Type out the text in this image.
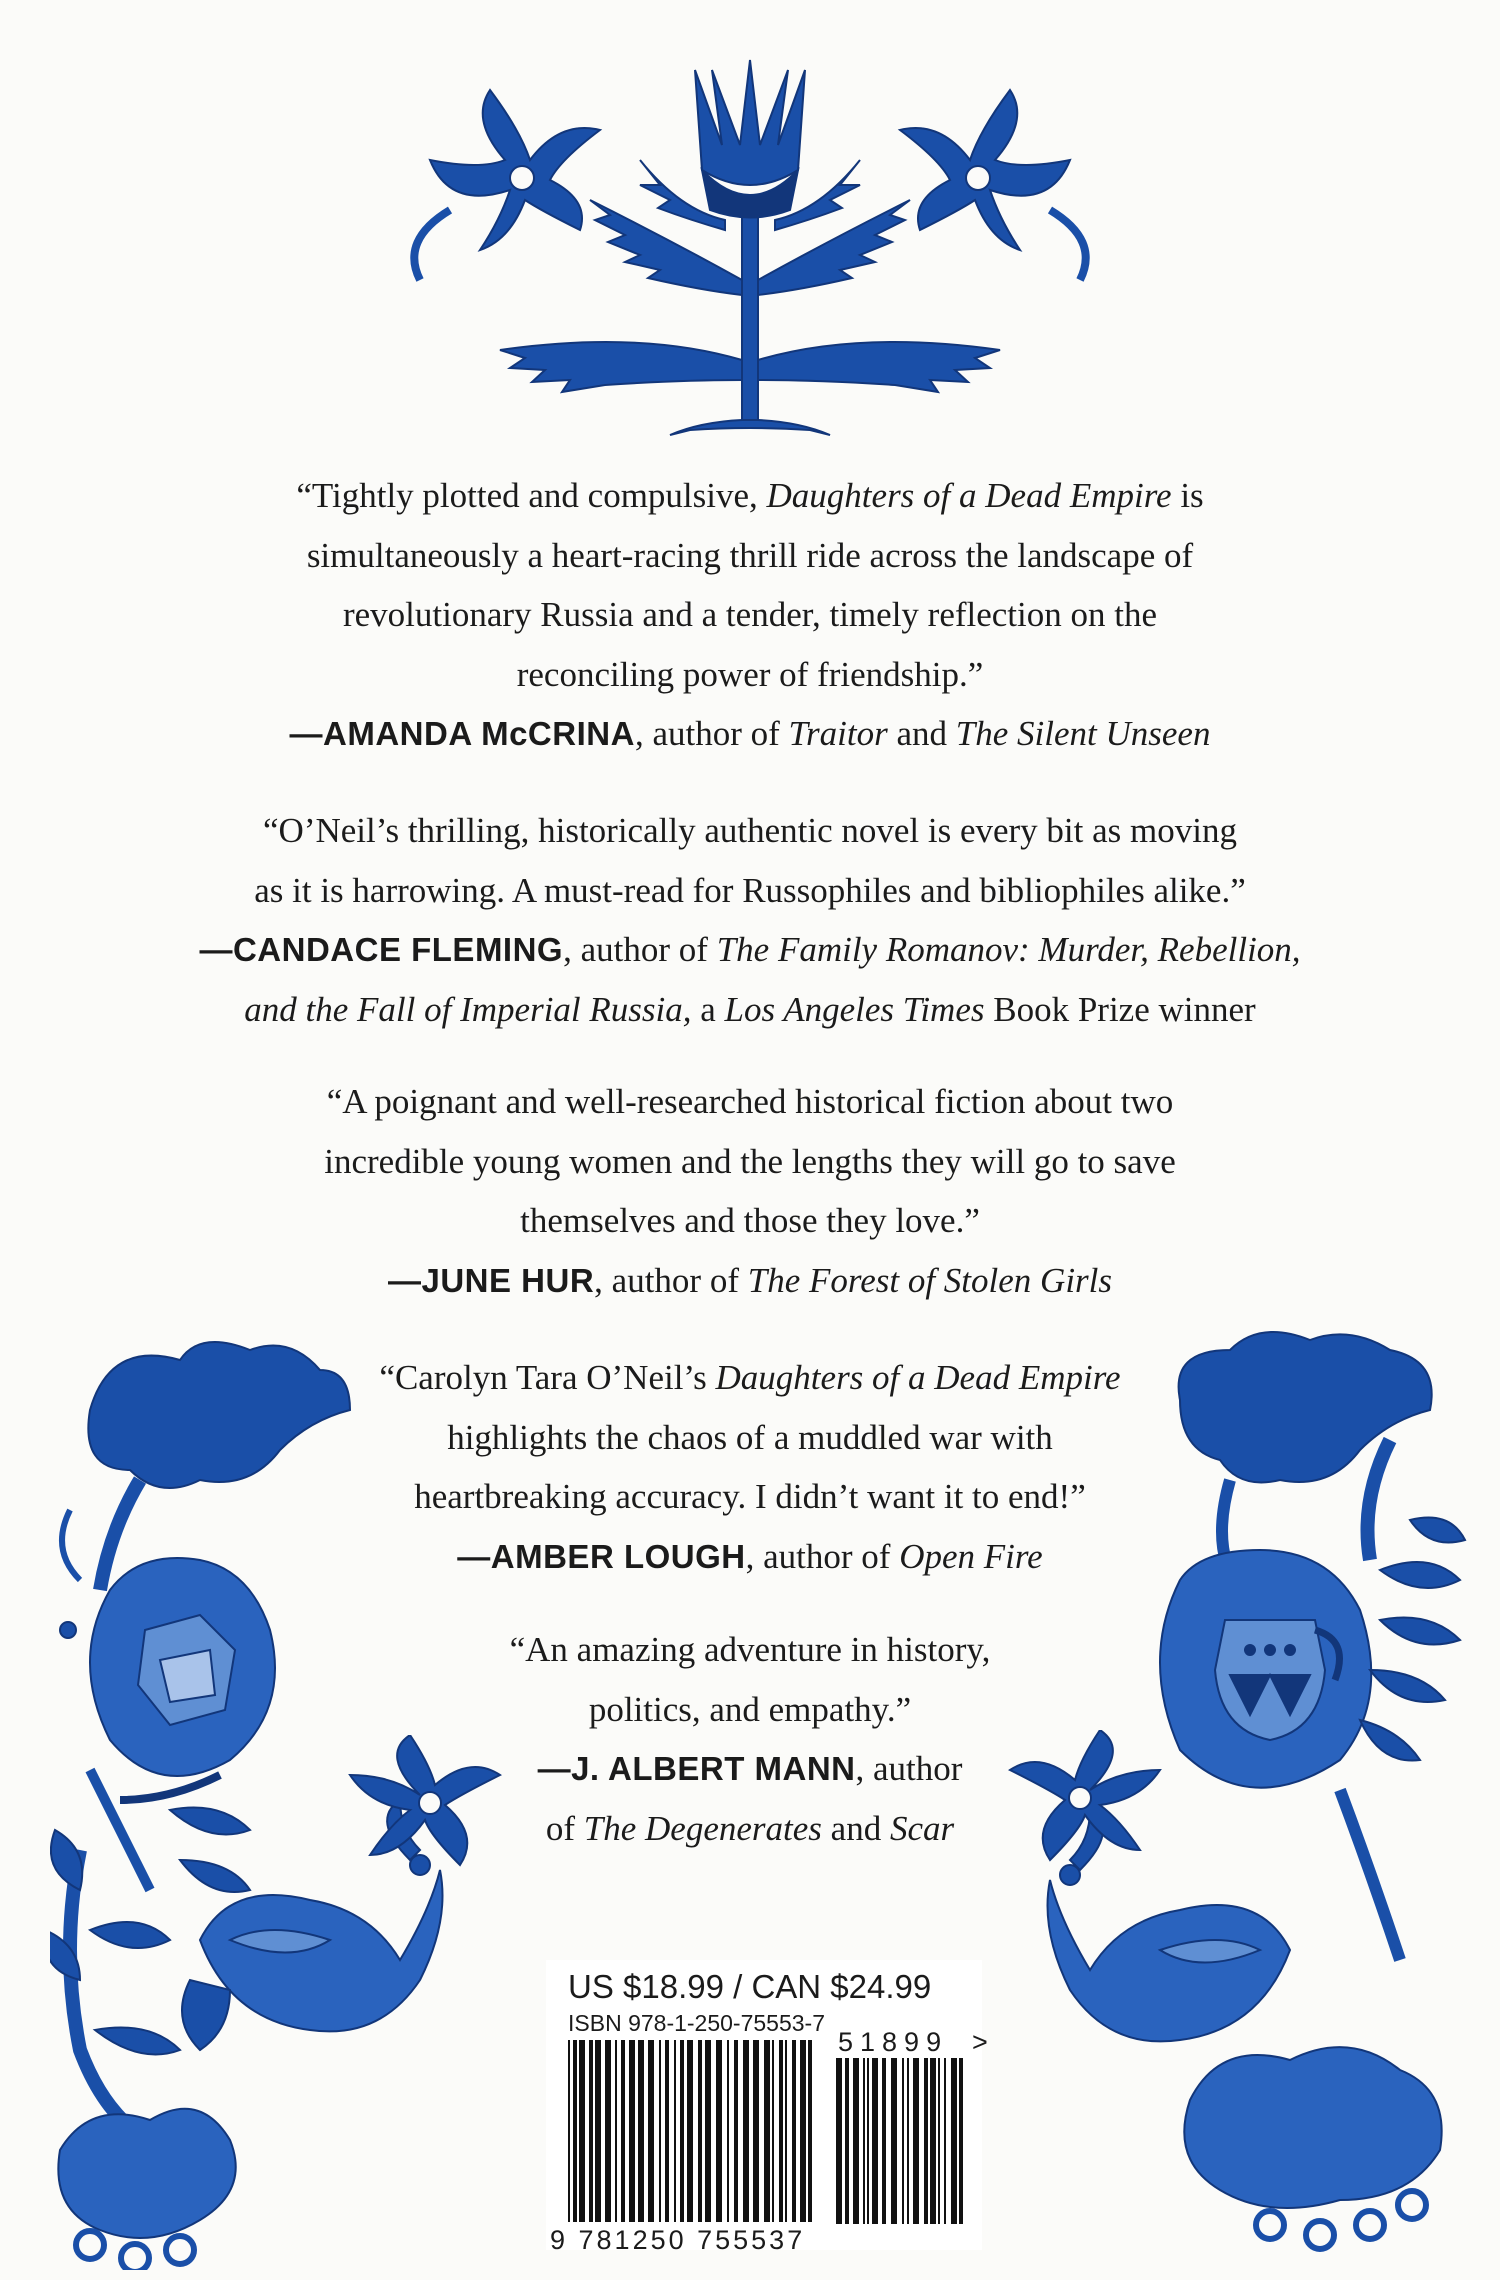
“Tightly plotted and compulsive, Daughters of a Dead Empire is

simultaneously a heart-racing thrill ride across the landscape of

revolutionary Russia and a tender, timely reflection on the

reconciling power of friendship.”

—AMANDA McCRINA, author of Traitor and The Silent Unseen

“O’Neil’s thrilling, historically authentic novel is every bit as moving

as it is harrowing. A must-read for Russophiles and bibliophiles alike.”

—CANDACE FLEMING, author of The Family Romanov: Murder, Rebellion,

and the Fall of Imperial Russia, a Los Angeles Times Book Prize winner

“A poignant and well-researched historical fiction about two

incredible young women and the lengths they will go to save

themselves and those they love.”

—JUNE HUR, author of The Forest of Stolen Girls

“Carolyn Tara O’Neil’s Daughters of a Dead Empire

highlights the chaos of a muddled war with

heartbreaking accuracy. I didn’t want it to end!”

—AMBER LOUGH, author of Open Fire

“An amazing adventure in history,

politics, and empathy.”

—J. ALBERT MANN, author

of The Degenerates and Scar

US $18.99 / CAN $24.99
ISBN 978-1-250-75553-7
51899 >
9 781250 755537
